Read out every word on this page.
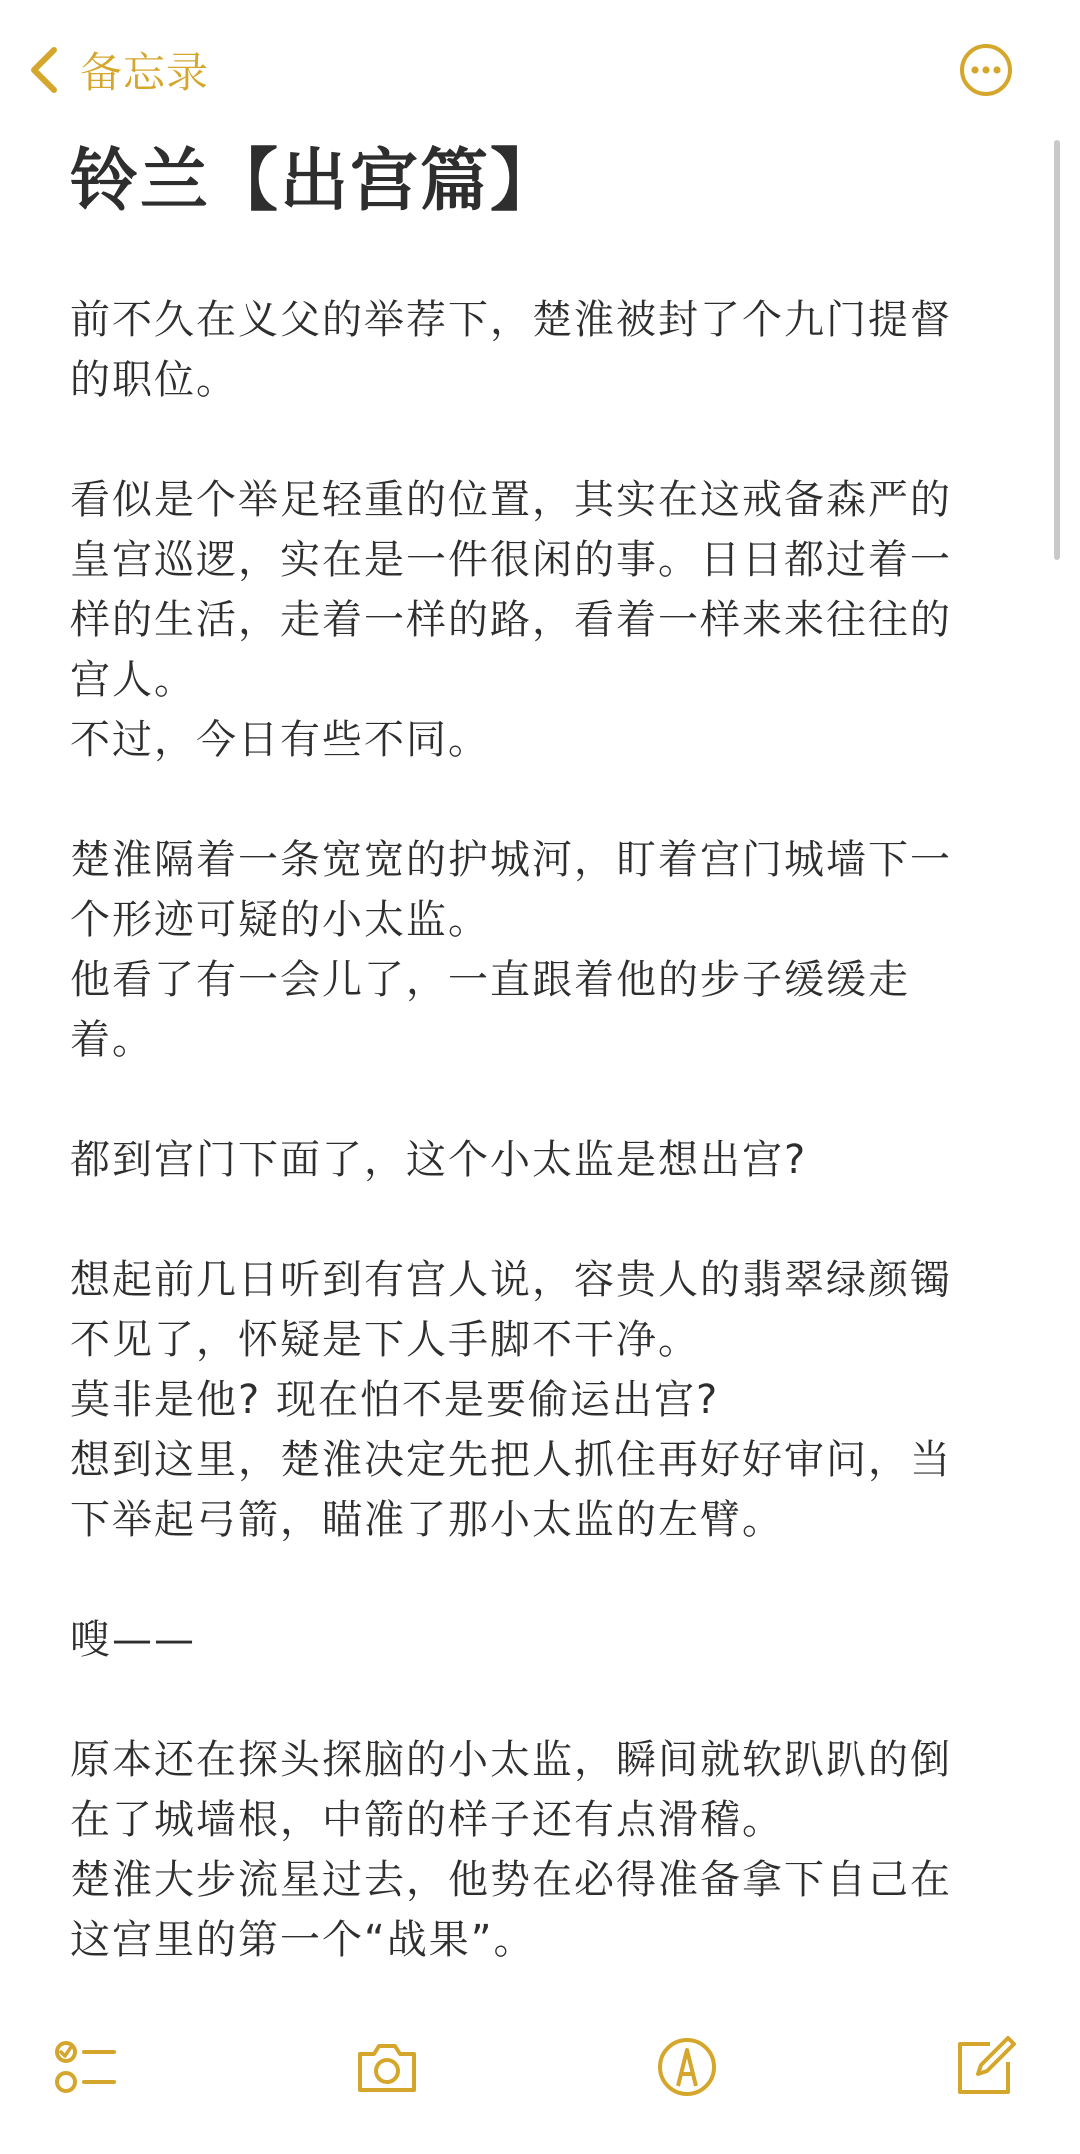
备忘录
铃兰【出宫篇】
前不久在义父的举荐下，楚淮被封了个九门提督
的职位。
看似是个举足轻重的位置，其实在这戒备森严的
皇宫巡逻，实在是一件很闲的事。日日都过着一
样的生活，走着一样的路，看着一样来来往往的
宫人。
不过，今日有些不同。
楚淮隔着一条宽宽的护城河，盯着宫门城墙下一
个形迹可疑的小太监。
他看了有一会儿了，一直跟着他的步子缓缓走
着。
都到宫门下面了，这个小太监是想出宫?
想起前几日听到有宫人说，容贵人的翡翠绿颜镯
不见了，怀疑是下人手脚不干净。
莫非是他? 现在怕不是要偷运出宫?
想到这里，楚淮决定先把人抓住再好好审问，当
下举起弓箭，瞄准了那小太监的左臂。
嗖——
原本还在探头探脑的小太监，瞬间就软趴趴的倒
在了城墙根，中箭的样子还有点滑稽。
楚淮大步流星过去，他势在必得准备拿下自己在
这宫里的第一个“战果”。
